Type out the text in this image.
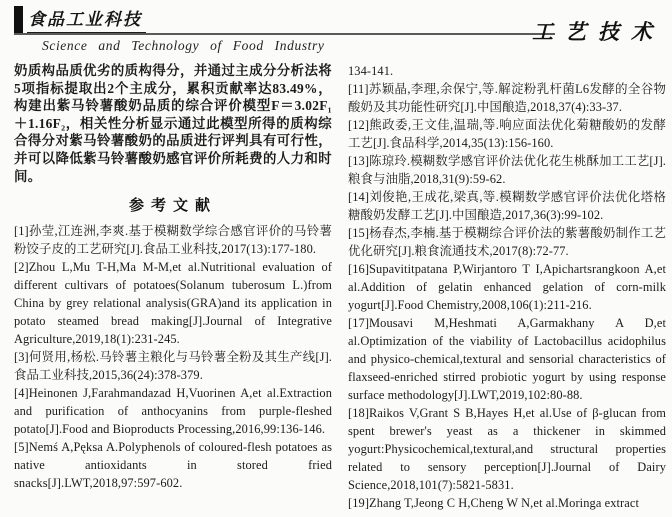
食品工业科技
Science and Technology of Food Industry
工艺技术

奶质构品质优劣的质构得分，并通过主成分分析法将5项指标提取出2个主成分，累积贡献率达83.49%，构建出紫马铃薯酸奶品质的综合评价模型F＝3.02F₁＋1.16F₂，相关性分析显示通过此模型所得的质构综合得分对紫马铃薯酸奶的品质进行评判具有可行性，并可以降低紫马铃薯酸奶感官评价所耗费的人力和时间。

参考文献

[1]孙莹,江连洲,李爽.基于模糊数学综合感官评价的马铃薯粉饺子皮的工艺研究[J].食品工业科技,2017(13):177-180.

[2]Zhou L,Mu T-H,Ma M-M,et al.Nutritional evaluation of different cultivars of potatoes(Solanum tuberosum L.)from China by grey relational analysis(GRA)and its application in potato steamed bread making[J].Journal of Integrative Agriculture,2019,18(1):231-245.

[3]何贤用,杨松.马铃薯主粮化与马铃薯全粉及其生产线[J].食品工业科技,2015,36(24):378-379.

[4]Heinonen J,Farahmandazad H,Vuorinen A,et al.Extraction and purification of anthocyanins from purple-fleshed potato[J].Food and Bioproducts Processing,2016,99:136-146.

[5]Nemś A,Pęksa A.Polyphenols of coloured-flesh potatoes as native antioxidants in stored fried snacks[J].LWT,2018,97:597-602.

134-141.

[11]苏颖晶,李理,余保宁,等.解淀粉乳杆菌L6发酵的全谷物酸奶及其功能性研究[J].中国酿造,2018,37(4):33-37.

[12]熊政委,王文佳,温瑞,等.响应面法优化菊糖酸奶的发酵工艺[J].食品科学,2014,35(13):156-160.

[13]陈琼玲.模糊数学感官评价法优化花生桃酥加工工艺[J].粮食与油脂,2018,31(9):59-62.

[14]刘俊艳,王成花,梁真,等.模糊数学感官评价法优化塔格糖酸奶发酵工艺[J].中国酿造,2017,36(3):99-102.

[15]杨春杰,李楠.基于模糊综合评价法的紫薯酸奶制作工艺优化研究[J].粮食流通技术,2017(8):72-77.

[16]Supavititpatana P,Wirjantoro T I,Apichartsrangkoon A,et al.Addition of gelatin enhanced gelation of corn-milk yogurt[J].Food Chemistry,2008,106(1):211-216.

[17]Mousavi M,Heshmati A,Garmakhany A D,et al.Optimization of the viability of Lactobacillus acidophilus and physico-chemical,textural and sensorial characteristics of flaxseed-enriched stirred probiotic yogurt by using response surface methodology[J].LWT,2019,102:80-88.

[18]Raikos V,Grant S B,Hayes H,et al.Use of β-glucan from spent brewer's yeast as a thickener in skimmed yogurt:Physicochemical,textural,and structural properties related to sensory perception[J].Journal of Dairy Science,2018,101(7):5821-5831.

[19]Zhang T,Jeong C H,Cheng W N,et al.Moringa extract
